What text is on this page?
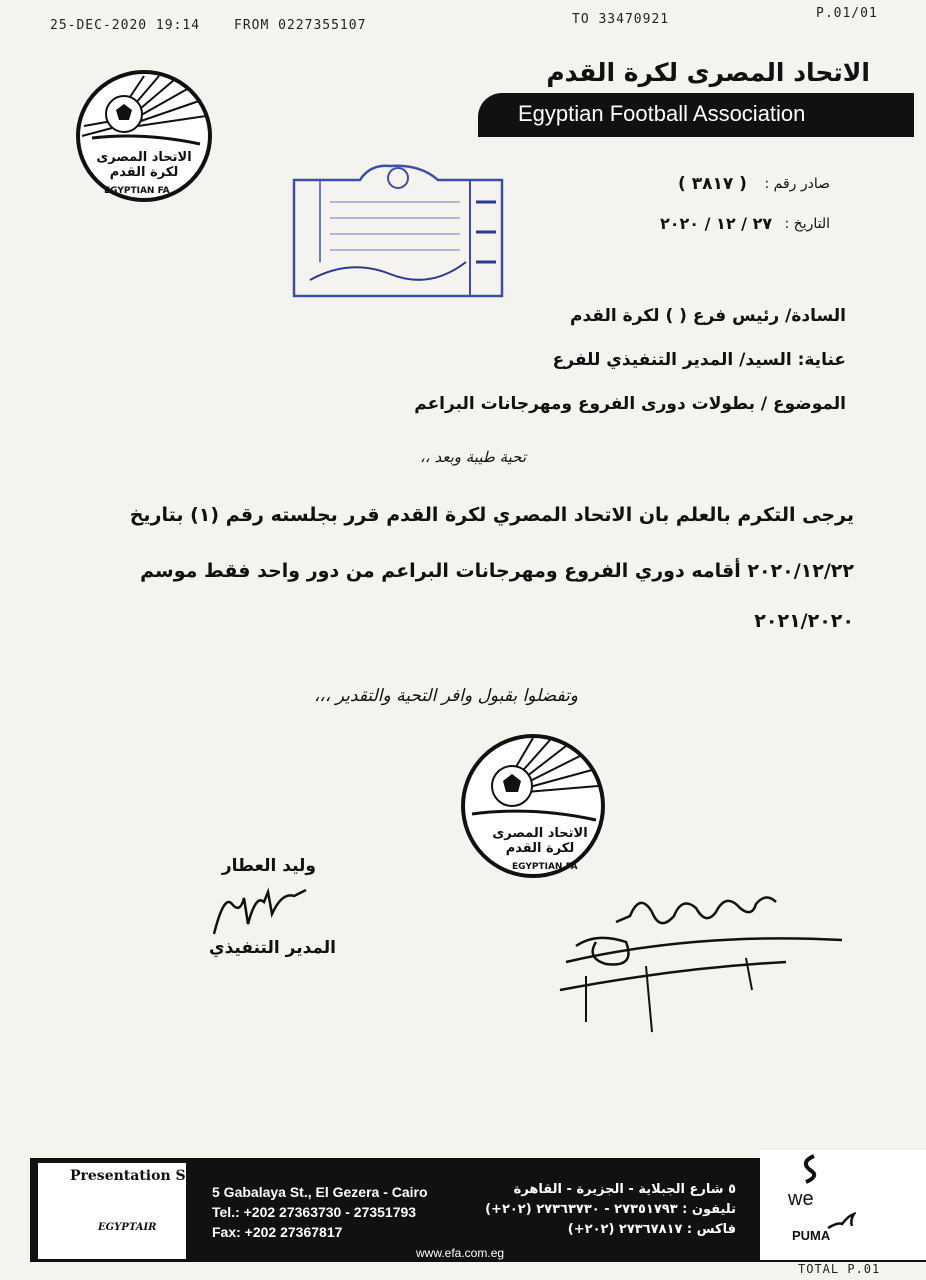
25-DEC-2020 19:14	FROM 0227355107	TO 33470921	P.01/01
الاتحاد المصرى لكرة القدم
EGYPTIAN FA
الاتحاد المصرى لكرة القدم
Egyptian Football Association
صادر رقم :
( ٣٨١٧ )
التاريخ :
٢٧ / ١٢ / ٢٠٢٠
السادة/ رئيس فرع ( ) لكرة القدم
عناية: السيد/ المدير التنفيذي للفرع
الموضوع / بطولات دورى الفروع ومهرجانات البراعم
تحية طيبة وبعد ،،
يرجى التكرم بالعلم بان الاتحاد المصري لكرة القدم قرر بجلسته رقم (١) بتاريخ
٢٠٢٠/١٢/٢٢ أقامه دوري الفروع ومهرجانات البراعم من دور واحد فقط موسم
٢٠٢١/٢٠٢٠
وتفضلوا بقبول وافر التحية والتقدير ،،،
الاتحاد المصرى لكرة القدم
EGYPTIAN FA
وليد العطار
المدير التنفيذي
Presentation Sports
EGYPTAIR
5 Gabalaya St., El Gezera - Cairo
Tel.: +202 27363730 - 27351793
Fax: +202 27367817
٥ شارع الجبلاية - الجزيرة - القاهرة
تليفون : ٢٧٣٥١٧٩٣ - ٢٧٣٦٣٧٣٠ (٢٠٢+)
فاكس : ٢٧٣٦٧٨١٧ (٢٠٢+)
www.efa.com.eg
we
PUMA
TOTAL P.01
